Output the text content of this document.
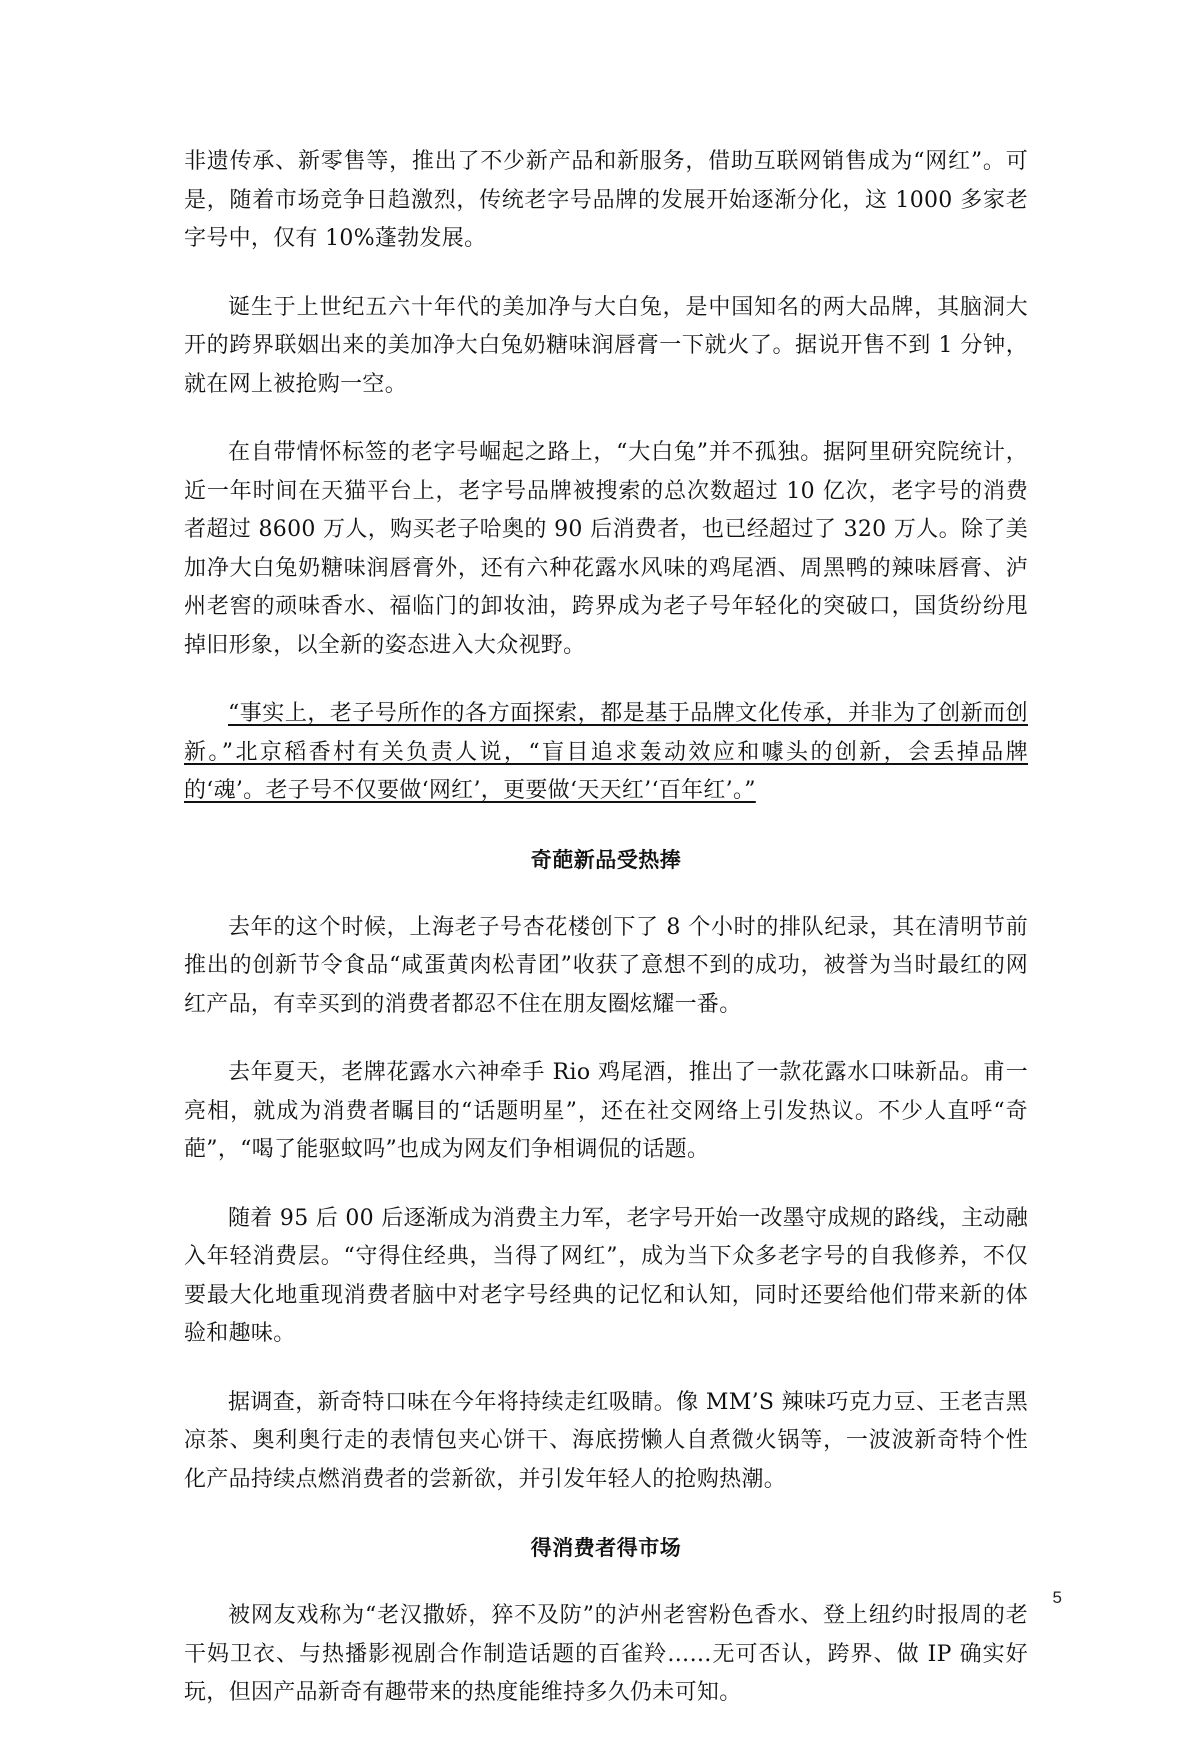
非遗传承、新零售等，推出了不少新产品和新服务，借助互联网销售成为“网红”。可是，随着市场竞争日趋激烈，传统老字号品牌的发展开始逐渐分化，这 1000 多家老字号中，仅有 10%蓬勃发展。

诞生于上世纪五六十年代的美加净与大白兔，是中国知名的两大品牌，其脑洞大开的跨界联姻出来的美加净大白兔奶糖味润唇膏一下就火了。据说开售不到 1 分钟，就在网上被抢购一空。

在自带情怀标签的老字号崛起之路上，“大白兔”并不孤独。据阿里研究院统计，近一年时间在天猫平台上，老字号品牌被搜索的总次数超过 10 亿次，老字号的消费者超过 8600 万人，购买老子哈奥的 90 后消费者，也已经超过了 320 万人。除了美加净大白兔奶糖味润唇膏外，还有六种花露水风味的鸡尾酒、周黑鸭的辣味唇膏、泸州老窖的顽味香水、福临门的卸妆油，跨界成为老子号年轻化的突破口，国货纷纷甩掉旧形象，以全新的姿态进入大众视野。

“事实上，老子号所作的各方面探索，都是基于品牌文化传承，并非为了创新而创新。”北京稻香村有关负责人说，“盲目追求轰动效应和噱头的创新，会丢掉品牌的‘魂’。老子号不仅要做‘网红’，更要做‘天天红’‘百年红’。”

奇葩新品受热捧

去年的这个时候，上海老子号杏花楼创下了 8 个小时的排队纪录，其在清明节前推出的创新节令食品“咸蛋黄肉松青团”收获了意想不到的成功，被誉为当时最红的网红产品，有幸买到的消费者都忍不住在朋友圈炫耀一番。

去年夏天，老牌花露水六神牵手 Rio 鸡尾酒，推出了一款花露水口味新品。甫一亮相，就成为消费者瞩目的“话题明星”，还在社交网络上引发热议。不少人直呼“奇葩”，“喝了能驱蚊吗”也成为网友们争相调侃的话题。

随着 95 后 00 后逐渐成为消费主力军，老字号开始一改墨守成规的路线，主动融入年轻消费层。“守得住经典，当得了网红”，成为当下众多老字号的自我修养，不仅要最大化地重现消费者脑中对老字号经典的记忆和认知，同时还要给他们带来新的体验和趣味。

据调查，新奇特口味在今年将持续走红吸睛。像 MM’S 辣味巧克力豆、王老吉黑凉茶、奥利奥行走的表情包夹心饼干、海底捞懒人自煮微火锅等，一波波新奇特个性化产品持续点燃消费者的尝新欲，并引发年轻人的抢购热潮。

得消费者得市场

被网友戏称为“老汉撒娇，猝不及防”的泸州老窖粉色香水、登上纽约时报周的老干妈卫衣、与热播影视剧合作制造话题的百雀羚……无可否认，跨界、做 IP 确实好玩，但因产品新奇有趣带来的热度能维持多久仍未可知。

5
